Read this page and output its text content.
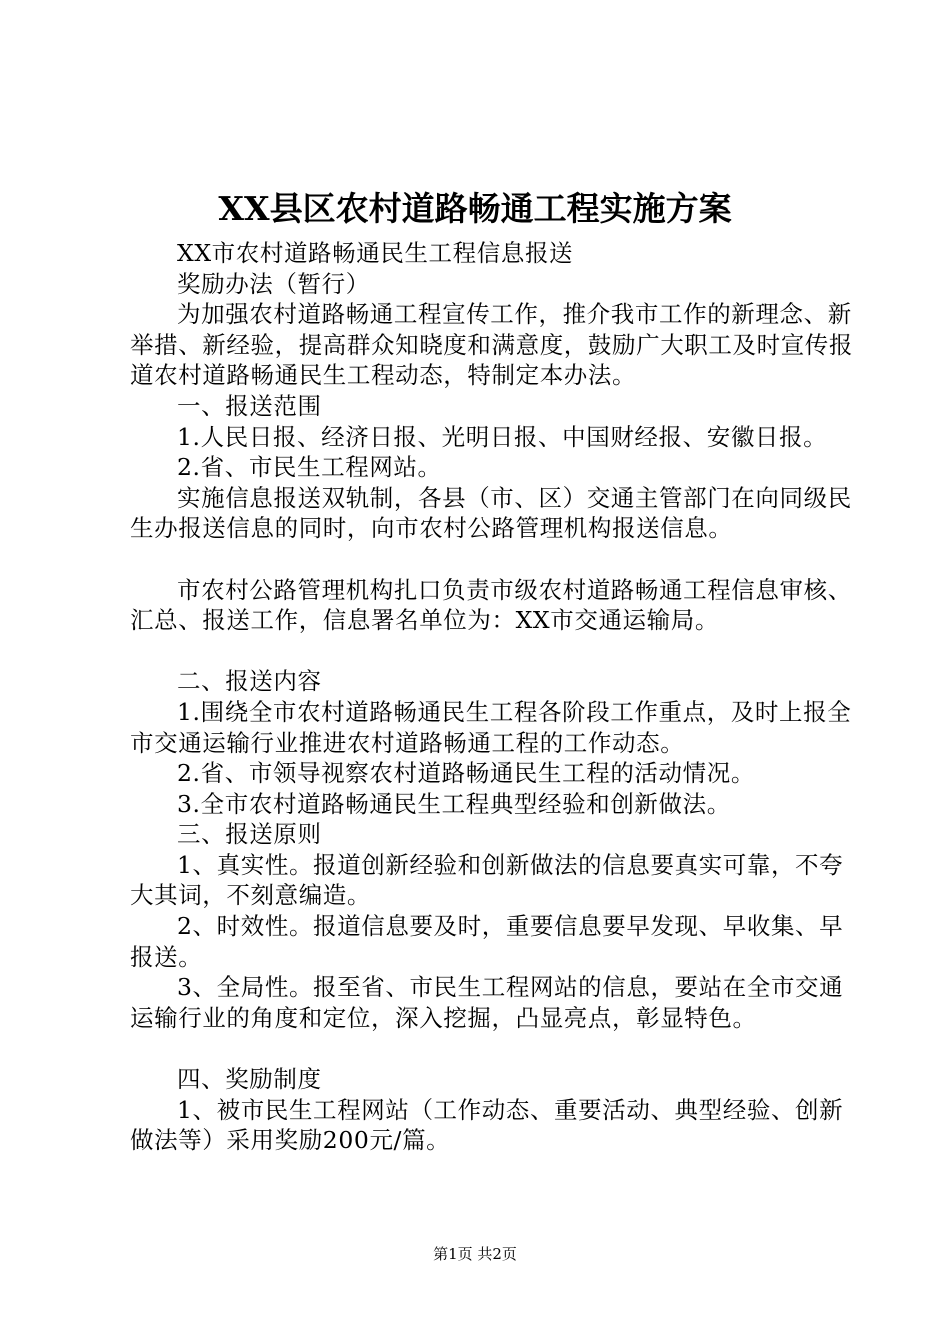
XX县区农村道路畅通工程实施方案

XX市农村道路畅通民生工程信息报送

奖励办法（暂行）

为加强农村道路畅通工程宣传工作，推介我市工作的新理念、新举措、新经验，提高群众知晓度和满意度，鼓励广大职工及时宣传报道农村道路畅通民生工程动态，特制定本办法。

一、报送范围

1.人民日报、经济日报、光明日报、中国财经报、安徽日报。

2.省、市民生工程网站。

实施信息报送双轨制，各县（市、区）交通主管部门在向同级民生办报送信息的同时，向市农村公路管理机构报送信息。

市农村公路管理机构扎口负责市级农村道路畅通工程信息审核、汇总、报送工作，信息署名单位为：XX市交通运输局。

二、报送内容

1.围绕全市农村道路畅通民生工程各阶段工作重点，及时上报全市交通运输行业推进农村道路畅通工程的工作动态。

2.省、市领导视察农村道路畅通民生工程的活动情况。

3.全市农村道路畅通民生工程典型经验和创新做法。

三、报送原则

1、真实性。报道创新经验和创新做法的信息要真实可靠，不夸大其词，不刻意编造。

2、时效性。报道信息要及时，重要信息要早发现、早收集、早报送。

3、全局性。报至省、市民生工程网站的信息，要站在全市交通运输行业的角度和定位，深入挖掘，凸显亮点，彰显特色。

四、奖励制度

1、被市民生工程网站（工作动态、重要活动、典型经验、创新做法等）采用奖励200元/篇。

第1页 共2页
